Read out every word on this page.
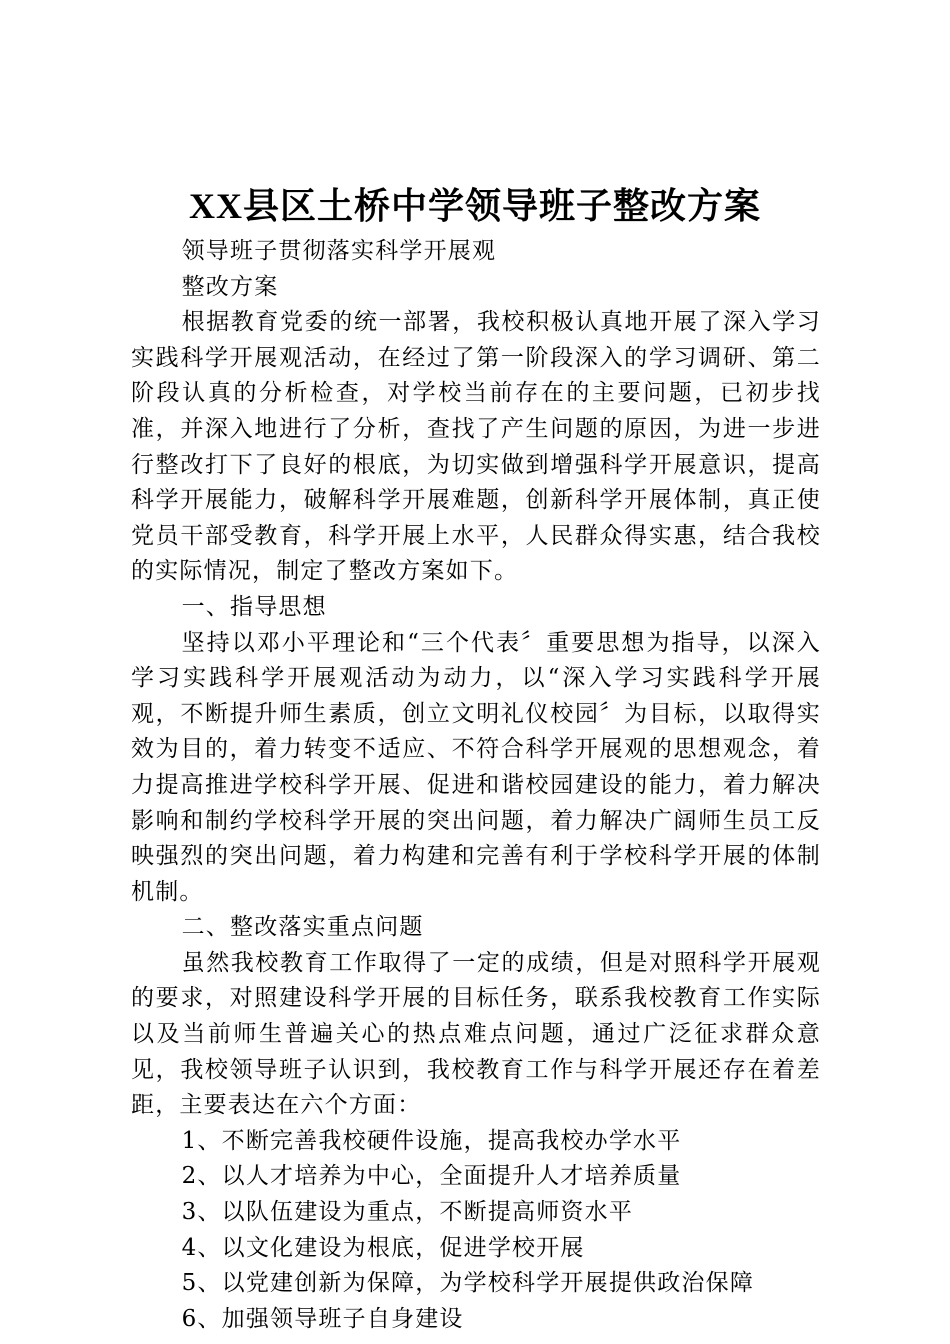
XX县区土桥中学领导班子整改方案

领导班子贯彻落实科学开展观

整改方案

根据教育党委的统一部署，我校积极认真地开展了深入学习实践科学开展观活动，在经过了第一阶段深入的学习调研、第二阶段认真的分析检查，对学校当前存在的主要问题，已初步找准，并深入地进行了分析，查找了产生问题的原因，为进一步进行整改打下了良好的根底，为切实做到增强科学开展意识，提高科学开展能力，破解科学开展难题，创新科学开展体制，真正使党员干部受教育，科学开展上水平，人民群众得实惠，结合我校的实际情况，制定了整改方案如下。

一、指导思想

坚持以邓小平理论和“三个代表〞重要思想为指导，以深入学习实践科学开展观活动为动力，以“深入学习实践科学开展观，不断提升师生素质，创立文明礼仪校园〞为目标，以取得实效为目的，着力转变不适应、不符合科学开展观的思想观念，着力提高推进学校科学开展、促进和谐校园建设的能力，着力解决影响和制约学校科学开展的突出问题，着力解决广阔师生员工反映强烈的突出问题，着力构建和完善有利于学校科学开展的体制机制。

二、整改落实重点问题

虽然我校教育工作取得了一定的成绩，但是对照科学开展观的要求，对照建设科学开展的目标任务，联系我校教育工作实际以及当前师生普遍关心的热点难点问题，通过广泛征求群众意见，我校领导班子认识到，我校教育工作与科学开展还存在着差距，主要表达在六个方面：

1、不断完善我校硬件设施，提高我校办学水平

2、以人才培养为中心，全面提升人才培养质量

3、以队伍建设为重点，不断提高师资水平

4、以文化建设为根底，促进学校开展

5、以党建创新为保障，为学校科学开展提供政治保障

6、加强领导班子自身建设
